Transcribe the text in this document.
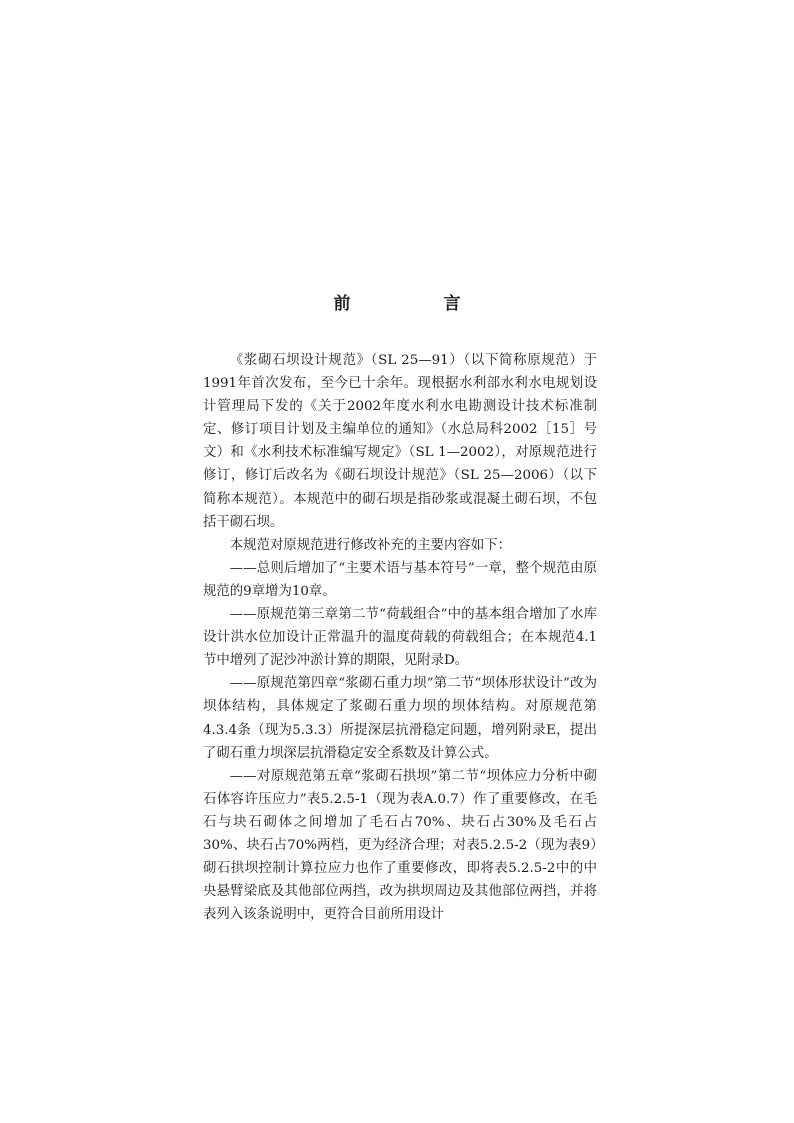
前　言

《浆砌石坝设计规范》（SL 25—91）（以下简称原规范）于1991年首次发布，至今已十余年。现根据水利部水利水电规划设计管理局下发的《关于2002年度水利水电勘测设计技术标准制定、修订项目计划及主编单位的通知》（水总局科2002［15］号文）和《水利技术标准编写规定》（SL 1—2002），对原规范进行修订，修订后改名为《砌石坝设计规范》（SL 25—2006）（以下简称本规范）。本规范中的砌石坝是指砂浆或混凝土砌石坝，不包括干砌石坝。

本规范对原规范进行修改补充的主要内容如下：

——总则后增加了“主要术语与基本符号”一章，整个规范由原规范的9章增为10章。

——原规范第三章第二节“荷载组合”中的基本组合增加了水库设计洪水位加设计正常温升的温度荷载的荷载组合；在本规范4.1节中增列了泥沙冲淤计算的期限，见附录D。

——原规范第四章“浆砌石重力坝”第二节“坝体形状设计”改为坝体结构，具体规定了浆砌石重力坝的坝体结构。对原规范第4.3.4条（现为5.3.3）所提深层抗滑稳定问题，增列附录E，提出了砌石重力坝深层抗滑稳定安全系数及计算公式。

——对原规范第五章“浆砌石拱坝”第二节“坝体应力分析中砌石体容许压应力”表5.2.5-1（现为表A.0.7）作了重要修改，在毛石与块石砌体之间增加了毛石占70%、块石占30%及毛石占30%、块石占70%两档，更为经济合理；对表5.2.5-2（现为表9）砌石拱坝控制计算拉应力也作了重要修改，即将表5.2.5-2中的中央悬臂梁底及其他部位两挡，改为拱坝周边及其他部位两挡，并将表列入该条说明中，更符合目前所用设计
